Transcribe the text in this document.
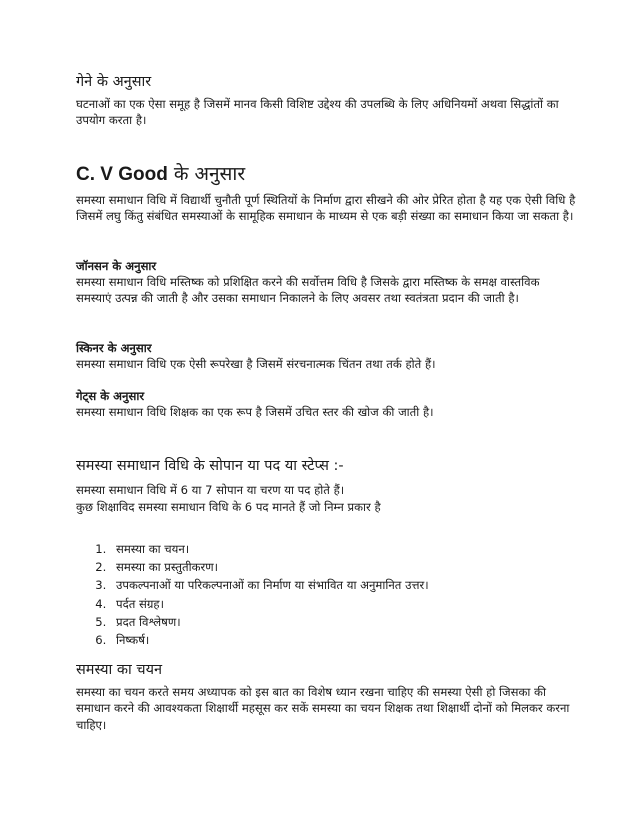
गेने के अनुसार

घटनाओं का एक ऐसा समूह है जिसमें मानव किसी विशिष्ट उद्देश्य की उपलब्धि के लिए अधिनियमों अथवा सिद्धांतों का उपयोग करता है।

C. V Good के अनुसार

समस्या समाधान विधि में विद्यार्थी चुनौती पूर्ण स्थितियों के निर्माण द्वारा सीखने की ओर प्रेरित होता है यह एक ऐसी विधि है जिसमें लघु किंतु संबंधित समस्याओं के सामूहिक समाधान के माध्यम से एक बड़ी संख्या का समाधान किया जा सकता है।

जॉनसन के अनुसार

समस्या समाधान विधि मस्तिष्क को प्रशिक्षित करने की सर्वोत्तम विधि है जिसके द्वारा मस्तिष्क के समक्ष वास्तविक समस्याएं उत्पन्न की जाती है और उसका समाधान निकालने के लिए अवसर तथा स्वतंत्रता प्रदान की जाती है।

स्किनर के अनुसार

समस्या समाधान विधि एक ऐसी रूपरेखा है जिसमें संरचनात्मक चिंतन तथा तर्क होते हैं।

गेट्स के अनुसार

समस्या समाधान विधि शिक्षक का एक रूप है जिसमें उचित स्तर की खोज की जाती है।

समस्या समाधान विधि के सोपान या पद या स्टेप्स :-

समस्या समाधान विधि में 6 या 7 सोपान या चरण या पद होते हैं।

कुछ शिक्षाविद समस्या समाधान विधि के 6 पद मानते हैं जो निम्न प्रकार है

1. समस्या का चयन।
2. समस्या का प्रस्तुतीकरण।
3. उपकल्पनाओं या परिकल्पनाओं का निर्माण या संभावित या अनुमानित उत्तर।
4. पर्दत संग्रह।
5. प्रदत विश्लेषण।
6. निष्कर्ष।
समस्या का चयन

समस्या का चयन करते समय अध्यापक को इस बात का विशेष ध्यान रखना चाहिए की समस्या ऐसी हो जिसका की समाधान करने की आवश्यकता शिक्षार्थी महसूस कर सकें समस्या का चयन शिक्षक तथा शिक्षार्थी दोनों को मिलकर करना चाहिए।
